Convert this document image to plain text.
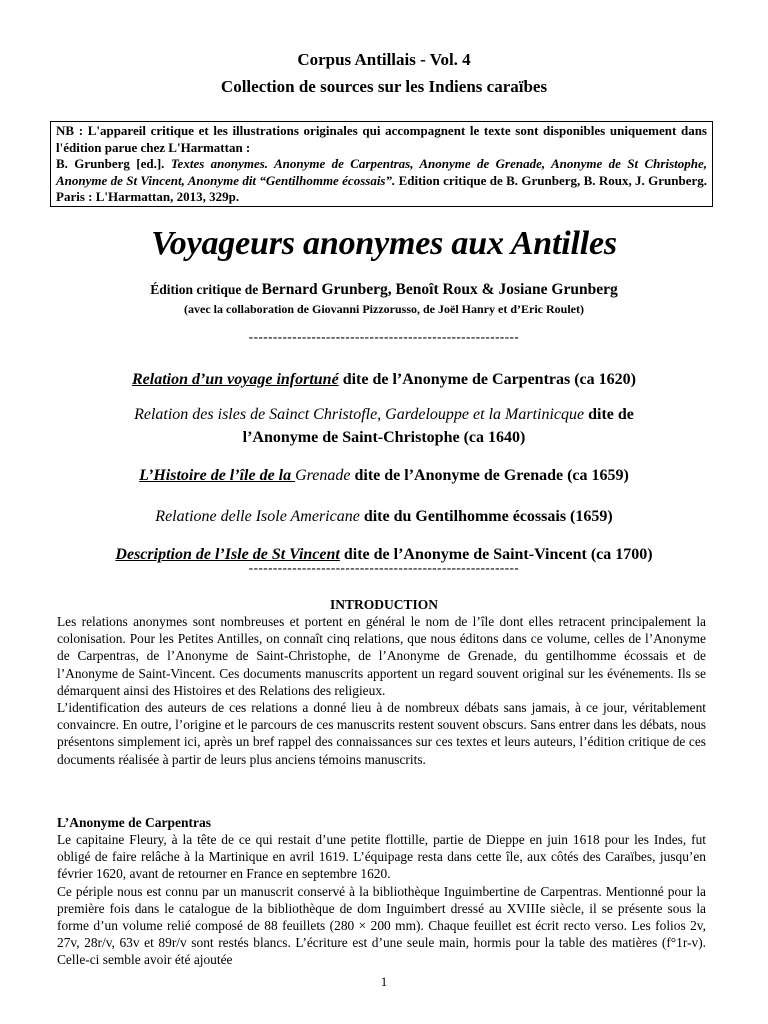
Corpus Antillais - Vol. 4
Collection de sources sur les Indiens caraïbes
NB : L'appareil critique et les illustrations originales qui accompagnent le texte sont disponibles uniquement dans l'édition parue chez L'Harmattan :
B. Grunberg [ed.]. Textes anonymes. Anonyme de Carpentras, Anonyme de Grenade, Anonyme de St Christophe, Anonyme de St Vincent, Anonyme dit “Gentilhomme écossais”. Edition critique de B. Grunberg, B. Roux, J. Grunberg. Paris : L'Harmattan, 2013, 329p.
Voyageurs anonymes aux Antilles
Édition critique de Bernard Grunberg, Benoît Roux & Josiane Grunberg
(avec la collaboration de Giovanni Pizzorusso, de Joël Hanry et d’Eric Roulet)
--------------------------------------------------------
Relation d’un voyage infortuné dite de l’Anonyme de Carpentras (ca 1620)
Relation des isles de Sainct Christofle, Gardelouppe et la Martinicque dite de
l’Anonyme de Saint-Christophe (ca 1640)
L’Histoire de l’île de la Grenade dite de l’Anonyme de Grenade (ca 1659)
Relatione delle Isole Americane dite du Gentilhomme écossais (1659)
Description de l’Isle de St Vincent dite de l’Anonyme de Saint-Vincent (ca 1700)
--------------------------------------------------------
INTRODUCTION

Les relations anonymes sont nombreuses et portent en général le nom de l’île dont elles retracent principalement la colonisation. Pour les Petites Antilles, on connaît cinq relations, que nous éditons dans ce volume, celles de l’Anonyme de Carpentras, de l’Anonyme de Saint-Christophe, de l’Anonyme de Grenade, du gentilhomme écossais et de l’Anonyme de Saint-Vincent. Ces documents manuscrits apportent un regard souvent original sur les événements. Ils se démarquent ainsi des Histoires et des Relations des religieux.

L’identification des auteurs de ces relations a donné lieu à de nombreux débats sans jamais, à ce jour, véritablement convaincre. En outre, l’origine et le parcours de ces manuscrits restent souvent obscurs. Sans entrer dans les débats, nous présentons simplement ici, après un bref rappel des connaissances sur ces textes et leurs auteurs, l’édition critique de ces documents réalisée à partir de leurs plus anciens témoins manuscrits.

L’Anonyme de Carpentras

Le capitaine Fleury, à la tête de ce qui restait d’une petite flottille, partie de Dieppe en juin 1618 pour les Indes, fut obligé de faire relâche à la Martinique en avril 1619. L’équipage resta dans cette île, aux côtés des Caraïbes, jusqu’en février 1620, avant de retourner en France en septembre 1620.

Ce périple nous est connu par un manuscrit conservé à la bibliothèque Inguimbertine de Carpentras. Mentionné pour la première fois dans le catalogue de la bibliothèque de dom Inguimbert dressé au XVIIIe siècle, il se présente sous la forme d’un volume relié composé de 88 feuillets (280 × 200 mm). Chaque feuillet est écrit recto verso. Les folios 2v, 27v, 28r/v, 63v et 89r/v sont restés blancs. L’écriture est d’une seule main, hormis pour la table des matières (f°1r-v). Celle-ci semble avoir été ajoutée

1
